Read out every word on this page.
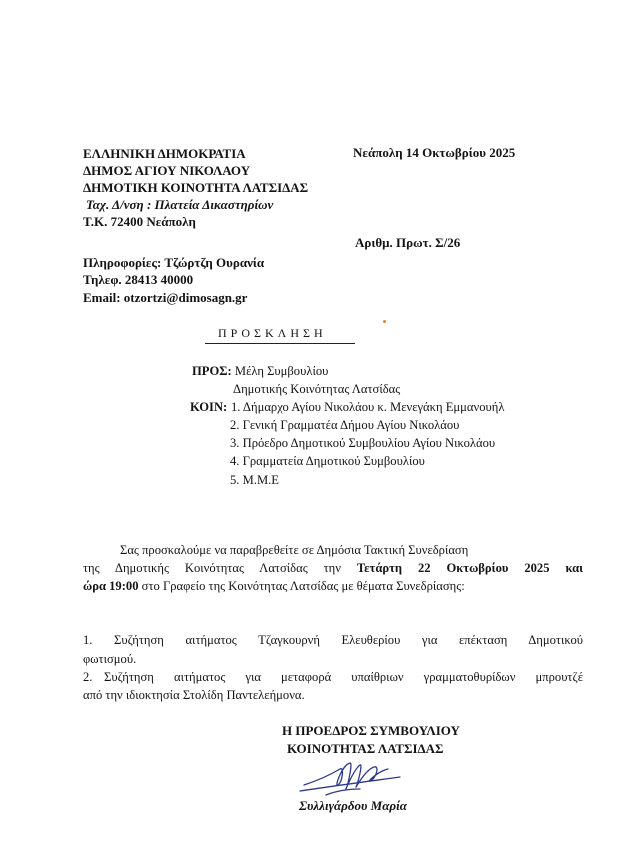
ΕΛΛΗΝΙΚΗ ΔΗΜΟΚΡΑΤΙΑ
ΔΗΜΟΣ ΑΓΙΟΥ ΝΙΚΟΛΑΟΥ
ΔΗΜΟΤΙΚΗ ΚΟΙΝΟΤΗΤΑ ΛΑΤΣΙΔΑΣ
Ταχ. Δ/νση : Πλατεία Δικαστηρίων
Τ.Κ. 72400 Νεάπολη
Νεάπολη 14 Οκτωβρίου 2025
Αριθμ. Πρωτ. Σ/26
Πληροφορίες: Τζώρτζη Ουρανία
Τηλεφ. 28413 40000
Email: otzortzi@dimosagn.gr
ΠΡΟΣΚΛΗΣΗ
ΠΡΟΣ: Μέλη Συμβουλίου
Δημοτικής Κοινότητας Λατσίδας
ΚΟΙΝ: 1. Δήμαρχο Αγίου Νικολάου κ. Μενεγάκη Εμμανουήλ
2. Γενική Γραμματέα Δήμου Αγίου Νικολάου
3. Πρόεδρο Δημοτικού Συμβουλίου Αγίου Νικολάου
4. Γραμματεία Δημοτικού Συμβουλίου
5. Μ.Μ.Ε
Σας προσκαλούμε να παραβρεθείτε σε Δημόσια Τακτική Συνεδρίαση
της Δημοτικής Κοινότητας Λατσίδας την Τετάρτη 22 Οκτωβρίου 2025 και
ώρα 19:00 στο Γραφείο της Κοινότητας Λατσίδας με θέματα Συνεδρίασης:
1. Συζήτηση αιτήματος Τζαγκουρνή Ελευθερίου για επέκταση Δημοτικού
φωτισμού.
2. Συζήτηση αιτήματος για μεταφορά υπαίθριων γραμματοθυρίδων μπρουτζέ
από την ιδιοκτησία Στολίδη Παντελεήμονα.
Η ΠΡΟΕΔΡΟΣ ΣΥΜΒΟΥΛΙΟΥ
ΚΟΙΝΟΤΗΤΑΣ ΛΑΤΣΙΔΑΣ
Συλλιγάρδου Μαρία
